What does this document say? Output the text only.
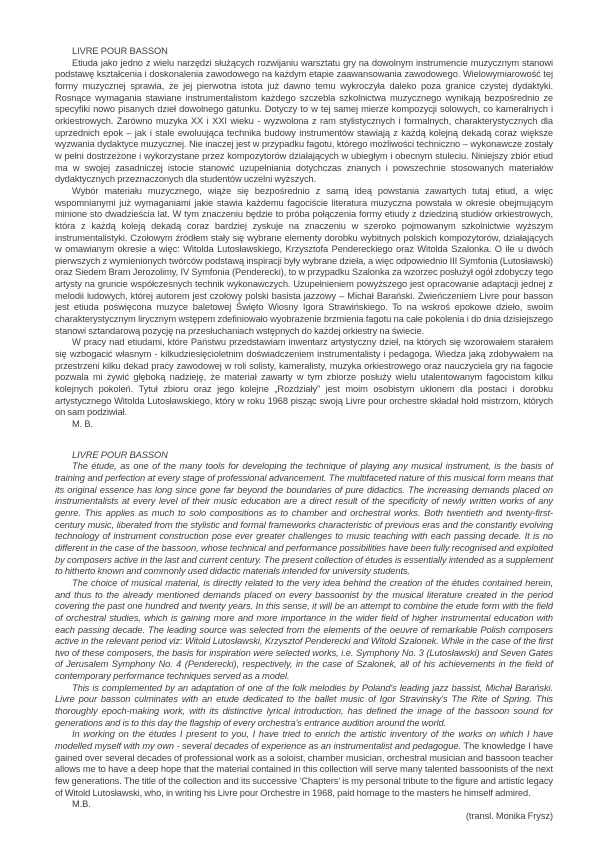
LIVRE POUR BASSON

Etiuda jako jedno z wielu narzędzi służących rozwijaniu warsztatu gry na dowolnym instrumencie muzycznym stanowi podstawę kształcenia i doskonalenia zawodowego na każdym etapie zaawansowania zawodowego. Wielowymiarowość tej formy muzycznej sprawia, że jej pierwotna istota już dawno temu wykroczyła daleko poza granice czystej dydaktyki. Rosnące wymagania stawiane instrumentalistom każdego szczebla szkolnictwa muzycznego wynikają bezpośrednio ze specyfiki nowo pisanych dzieł dowolnego gatunku. Dotyczy to w tej samej mierze kompozycji solowych, co kameralnych i orkiestrowych. Zarówno muzyka XX i XXI wieku - wyzwolona z ram stylistycznych i formalnych, charakterystycznych dla uprzednich epok – jak i stale ewoluująca technika budowy instrumentów stawiają z każdą kolejną dekadą coraz większe wyzwania dydaktyce muzycznej. Nie inaczej jest w przypadku fagotu, którego możliwości techniczno – wykonawcze zostały w pełni dostrzeżone i wykorzystane przez kompozytorów działających w ubiegłym i obecnym stuleciu. Niniejszy zbiór etiud ma w swojej zasadniczej istocie stanowić uzupełniania dotychczas znanych i powszechnie stosowanych materiałów dydaktycznych przeznaczonych dla studentów uczelni wyższych.

Wybór materiału muzycznego, wiąże się bezpośrednio z samą ideą powstania zawartych tutaj etiud, a więc wspomnianymi już wymaganiami jakie stawia każdemu fagociście literatura muzyczna powstała w okresie obejmującym minione sto dwadzieścia lat. W tym znaczeniu będzie to próba połączenia formy etiudy z dziedziną studiów orkiestrowych, która z każdą koleją dekadą coraz bardziej zyskuje na znaczeniu w szeroko pojmowanym szkolnictwie wyższym instrumentalistyki. Czołowym źródłem stały się wybrane elementy dorobku wybitnych polskich kompozytorów, działających w omawianym okresie a więc: Witolda Lutosławskiego, Krzysztofa Pendereckiego oraz Witolda Szalonka. O ile u dwóch pierwszych z wymienionych twórców podstawą inspiracji były wybrane dzieła, a więc odpowiednio III Symfonia (Lutosławski) oraz Siedem Bram Jerozolimy, IV Symfonia (Penderecki), to w przypadku Szalonka za wzorzec posłużył ogół zdobyczy tego artysty na gruncie współczesnych technik wykonawczych. Uzupełnieniem powyższego jest opracowanie adaptacji jednej z melodii ludowych, której autorem jest czołowy polski basista jazzowy – Michał Barański. Zwieńczeniem Livre pour basson jest etiuda poświęcona muzyce baletowej Święto Wiosny Igora Strawińskiego. To na wskroś epokowe dzieło, swoim charakterystycznym lirycznym wstępem zdefiniowało wyobrażenie brzmienia fagotu na całe pokolenia i do dnia dzisiejszego stanowi sztandarową pozycję na przesłuchaniach wstępnych do każdej orkiestry na świecie.

W pracy nad etiudami, które Państwu przedstawiam inwentarz artystyczny dzieł, na których się wzorowałem starałem się wzbogacić własnym - kilkudziesięcioletnim doświadczeniem instrumentalisty i pedagoga. Wiedza jaką zdobywałem na przestrzeni kilku dekad pracy zawodowej w roli solisty, kameralisty, muzyka orkiestrowego oraz nauczyciela gry na fagocie pozwala mi żywić głęboką nadzieję, że materiał zawarty w tym zbiorze posłuży wielu utalentowanym fagocistom kilku kolejnych pokoleń. Tytuł zbioru oraz jego kolejne „Rozdziały” jest moim osobistym ukłonem dla postaci i dorobku artystycznego Witolda Lutosławskiego, który w roku 1968 pisząc swoją Livre pour orchestre składał hołd mistrzom, których on sam podziwiał.

M. B.

LIVRE POUR BASSON

The étude, as one of the many tools for developing the technique of playing any musical instrument, is the basis of training and perfection at every stage of professional advancement. The multifaceted nature of this musical form means that its original essence has long since gone far beyond the boundaries of pure didactics. The increasing demands placed on instrumentalists at every level of their music education are a direct result of the specificity of newly written works of any genre. This applies as much to solo compositions as to chamber and orchestral works. Both twentieth and twenty-first-century music, liberated from the stylistic and formal frameworks characteristic of previous eras and the constantly evolving technology of instrument construction pose ever greater challenges to music teaching with each passing decade. It is no different in the case of the bassoon, whose technical and performance possibilities have been fully recognised and exploited by composers active in the last and current century. The present collection of études is essentially intended as a supplement to hitherto known and commonly used didactic materials intended for university students.

The choice of musical material, is directly related to the very idea behind the creation of the études contained herein, and thus to the already mentioned demands placed on every bassoonist by the musical literature created in the period covering the past one hundred and twenty years. In this sense, it will be an attempt to combine the etude form with the field of orchestral studies, which is gaining more and more importance in the wider field of higher instrumental education with each passing decade. The leading source was selected from the elements of the oeuvre of remarkable Polish composers active in the relevant period viz: Witold Lutosławski, Krzysztof Penderecki and Witold Szalonek. While in the case of the first two of these composers, the basis for inspiration were selected works, i.e. Symphony No. 3 (Lutosławski) and Seven Gates of Jerusalem Symphony No. 4 (Penderecki), respectively, in the case of Szalonek, all of his achievements in the field of contemporary performance techniques served as a model.

This is complemented by an adaptation of one of the folk melodies by Poland's leading jazz bassist, Michał Barański. Livre pour basson culminates with an etude dedicated to the ballet music of Igor Stravinsky's The Rite of Spring. This thoroughly epoch-making work, with its distinctive lyrical introduction, has defined the image of the bassoon sound for generations and is to this day the flagship of every orchestra's entrance audition around the world.

In working on the études I present to you, I have tried to enrich the artistic inventory of the works on which I have modelled myself with my own - several decades of experience as an instrumentalist and pedagogue. The knowledge I have gained over several decades of professional work as a soloist, chamber musician, orchestral musician and bassoon teacher allows me to have a deep hope that the material contained in this collection will serve many talented bassoonists of the next few generations. The title of the collection and its successive ‘Chapters’ is my personal tribute to the figure and artistic legacy of Witold Lutosławski, who, in writing his Livre pour Orchestre in 1968, paid homage to the masters he himself admired.

M.B.

(transl. Monika Frysz)
